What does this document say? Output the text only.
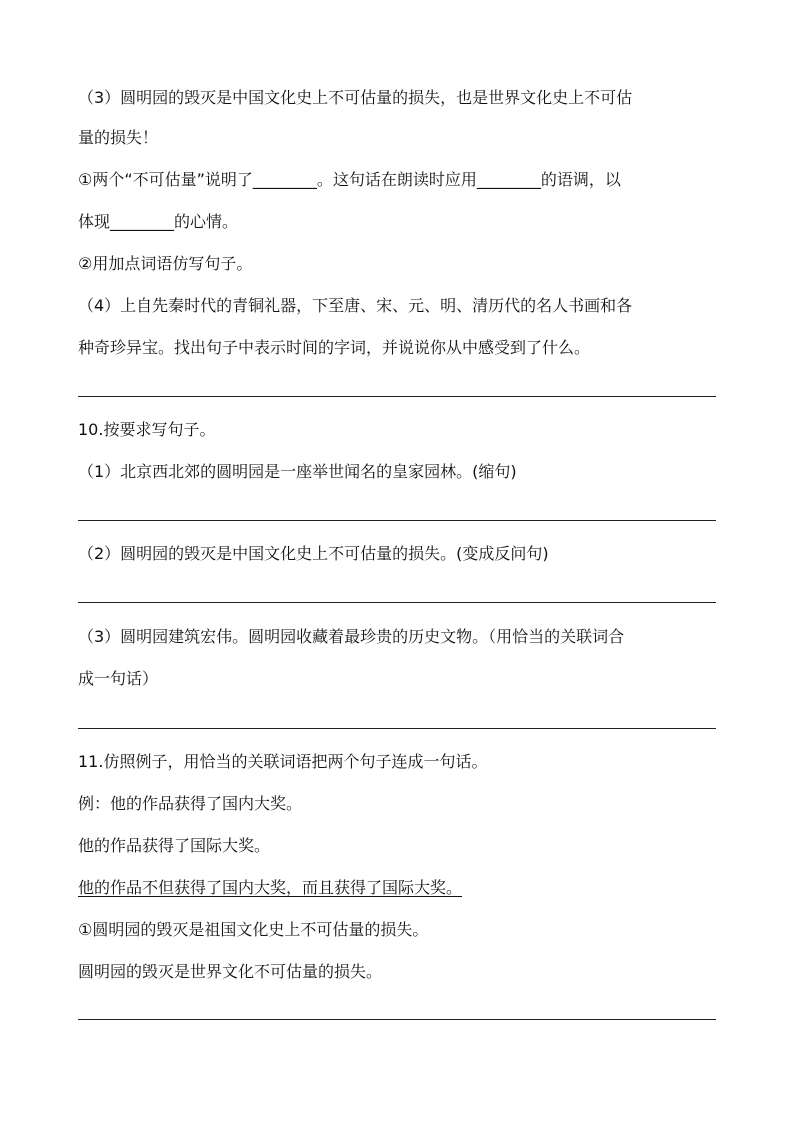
（3）圆明园的毁灭是中国文化史上不可估量的损失，也是世界文化史上不可估
量的损失！
①两个“不可估量”说明了________。这句话在朗读时应用________的语调，以
体现________的心情。
②用加点词语仿写句子。
（4）上自先秦时代的青铜礼器，下至唐、宋、元、明、清历代的名人书画和各
种奇珍异宝。找出句子中表示时间的字词，并说说你从中感受到了什么。
10.按要求写句子。
（1）北京西北郊的圆明园是一座举世闻名的皇家园林。(缩句)
（2）圆明园的毁灭是中国文化史上不可估量的损失。(变成反问句)
（3）圆明园建筑宏伟。圆明园收藏着最珍贵的历史文物。（用恰当的关联词合
成一句话）
11.仿照例子，用恰当的关联词语把两个句子连成一句话。
例：他的作品获得了国内大奖。
他的作品获得了国际大奖。
他的作品不但获得了国内大奖，而且获得了国际大奖。
①圆明园的毁灭是祖国文化史上不可估量的损失。
圆明园的毁灭是世界文化不可估量的损失。
